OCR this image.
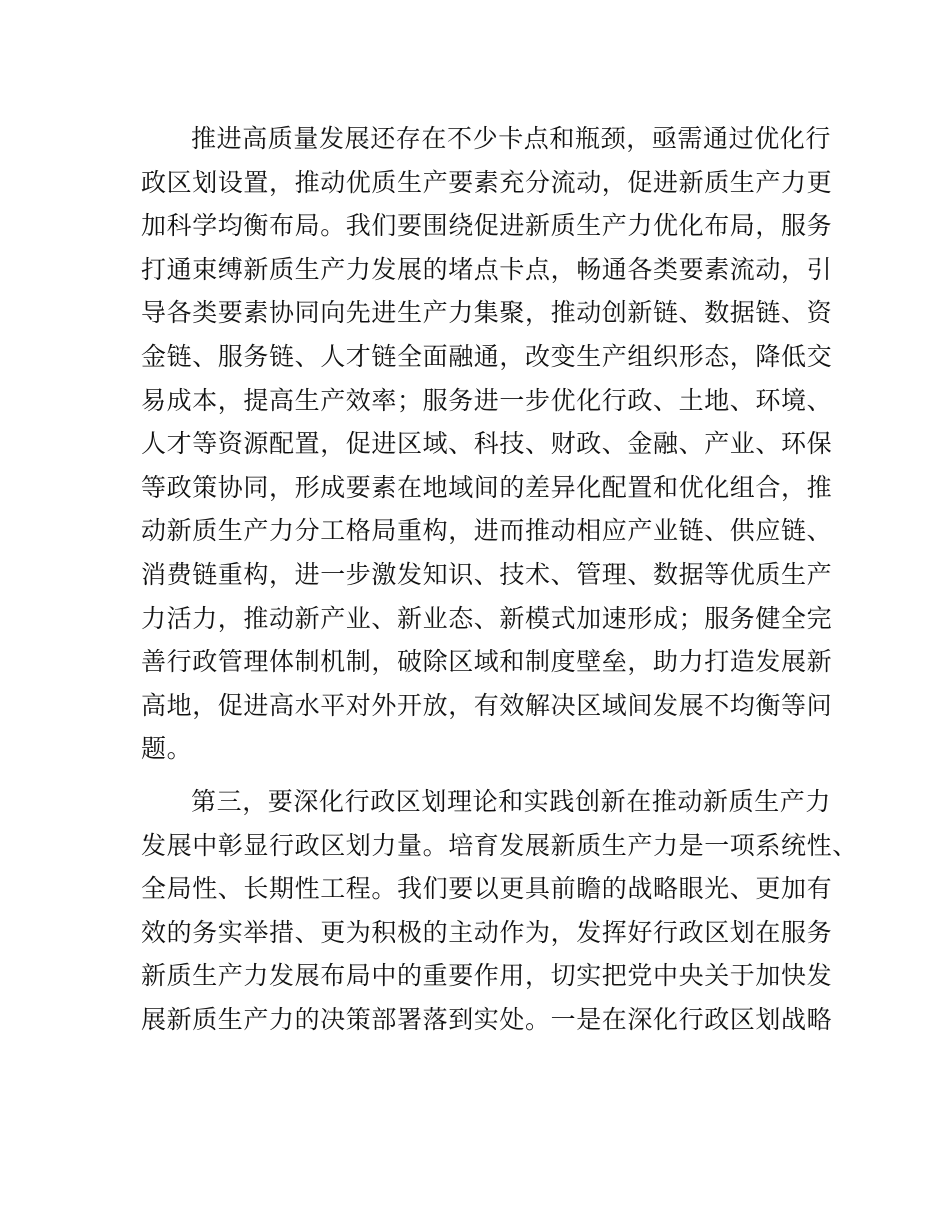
推进高质量发展还存在不少卡点和瓶颈，亟需通过优化行
政区划设置，推动优质生产要素充分流动，促进新质生产力更
加科学均衡布局。我们要围绕促进新质生产力优化布局，服务
打通束缚新质生产力发展的堵点卡点，畅通各类要素流动，引
导各类要素协同向先进生产力集聚，推动创新链、数据链、资
金链、服务链、人才链全面融通，改变生产组织形态，降低交
易成本，提高生产效率；服务进一步优化行政、土地、环境、
人才等资源配置，促进区域、科技、财政、金融、产业、环保
等政策协同，形成要素在地域间的差异化配置和优化组合，推
动新质生产力分工格局重构，进而推动相应产业链、供应链、
消费链重构，进一步激发知识、技术、管理、数据等优质生产
力活力，推动新产业、新业态、新模式加速形成；服务健全完
善行政管理体制机制，破除区域和制度壁垒，助力打造发展新
高地，促进高水平对外开放，有效解决区域间发展不均衡等问
题。
第三，要深化行政区划理论和实践创新在推动新质生产力
发展中彰显行政区划力量。培育发展新质生产力是一项系统性、
全局性、长期性工程。我们要以更具前瞻的战略眼光、更加有
效的务实举措、更为积极的主动作为，发挥好行政区划在服务
新质生产力发展布局中的重要作用，切实把党中央关于加快发
展新质生产力的决策部署落到实处。一是在深化行政区划战略
